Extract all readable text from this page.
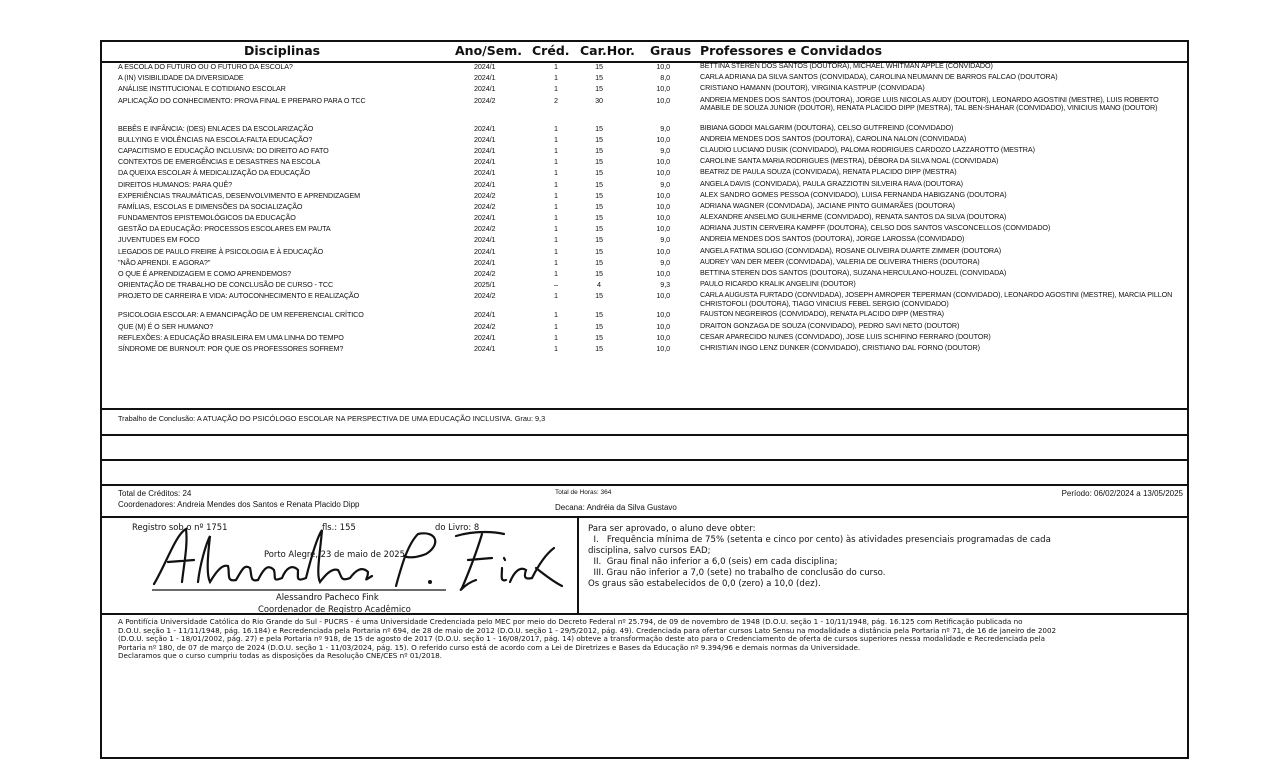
Disciplinas	Ano/Sem. Créd. Car.Hor. Graus Professores e Convidados
A ESCOLA DO FUTURO OU O FUTURO DA ESCOLA?	2024/1	1	15	10,0	BETTINA STEREN DOS SANTOS (DOUTORA), MICHAEL WHITMAN APPLE (CONVIDADO)
A (IN) VISIBILIDADE DA DIVERSIDADE	2024/1	1	15	8,0	CARLA ADRIANA DA SILVA SANTOS (CONVIDADA), CAROLINA NEUMANN DE BARROS FALCAO (DOUTORA)
ANÁLISE INSTITUCIONAL E COTIDIANO ESCOLAR	2024/1	1	15	10,0	CRISTIANO HAMANN (DOUTOR), VIRGINIA KASTPUP (CONVIDADA)
APLICAÇÃO DO CONHECIMENTO: PROVA FINAL E PREPARO PARA O TCC	2024/2	2	30	10,0	ANDREIA MENDES DOS SANTOS (DOUTORA), JORGE LUIS NICOLAS AUDY (DOUTOR), LEONARDO AGOSTINI (MESTRE), LUIS ROBERTO AMABILE DE SOUZA JUNIOR (DOUTOR), RENATA PLACIDO DIPP (MESTRA), TAL BEN-SHAHAR (CONVIDADO), VINICIUS MANO (DOUTOR)
BEBÊS E INFÂNCIA: (DES) ENLACES DA ESCOLARIZAÇÃO	2024/1	1	15	9,0	BIBIANA GODOI MALGARIM (DOUTORA), CELSO GUTFREIND (CONVIDADO)
BULLYING E VIOLÊNCIAS NA ESCOLA:FALTA EDUCAÇÃO?	2024/1	1	15	10,0	ANDREIA MENDES DOS SANTOS (DOUTORA), CAROLINA NALON (CONVIDADA)
CAPACITISMO E EDUCAÇÃO INCLUSIVA: DO DIREITO AO FATO	2024/1	1	15	9,0	CLAUDIO LUCIANO DUSIK (CONVIDADO), PALOMA RODRIGUES CARDOZO LAZZAROTTO (MESTRA)
CONTEXTOS DE EMERGÊNCIAS E DESASTRES NA ESCOLA	2024/1	1	15	10,0	CAROLINE SANTA MARIA RODRIGUES (MESTRA), DÉBORA DA SILVA NOAL (CONVIDADA)
DA QUEIXA ESCOLAR À MEDICALIZAÇÃO DA EDUCAÇÃO	2024/1	1	15	10,0	BEATRIZ DE PAULA SOUZA (CONVIDADA), RENATA PLACIDO DIPP (MESTRA)
DIREITOS HUMANOS: PARA QUÊ?	2024/1	1	15	9,0	ANGELA DAVIS (CONVIDADA), PAULA GRAZZIOTIN SILVEIRA RAVA (DOUTORA)
EXPERIÊNCIAS TRAUMÁTICAS, DESENVOLVIMENTO E APRENDIZAGEM	2024/2	1	15	10,0	ALEX SANDRO GOMES PESSOA (CONVIDADO), LUISA FERNANDA HABIGZANG (DOUTORA)
FAMÍLIAS, ESCOLAS E DIMENSÕES DA SOCIALIZAÇÃO	2024/2	1	15	10,0	ADRIANA WAGNER (CONVIDADA), JACIANE PINTO GUIMARÃES (DOUTORA)
FUNDAMENTOS EPISTEMOLÓGICOS DA EDUCAÇÃO	2024/1	1	15	10,0	ALEXANDRE ANSELMO GUILHERME (CONVIDADO), RENATA SANTOS DA SILVA (DOUTORA)
GESTÃO DA EDUCAÇÃO: PROCESSOS ESCOLARES EM PAUTA	2024/2	1	15	10,0	ADRIANA JUSTIN CERVEIRA KAMPFF (DOUTORA), CELSO DOS SANTOS VASCONCELLOS (CONVIDADO)
JUVENTUDES EM FOCO	2024/1	1	15	9,0	ANDREIA MENDES DOS SANTOS (DOUTORA), JORGE LAROSSA (CONVIDADO)
LEGADOS DE PAULO FREIRE À PSICOLOGIA E À EDUCAÇÃO	2024/1	1	15	10,0	ANGELA FATIMA SOLIGO (CONVIDADA), ROSANE OLIVEIRA DUARTE ZIMMER (DOUTORA)
"NÃO APRENDI. E AGORA?"	2024/1	1	15	9,0	AUDREY VAN DER MEER (CONVIDADA), VALERIA DE OLIVEIRA THIERS (DOUTORA)
O QUE É APRENDIZAGEM E COMO APRENDEMOS?	2024/2	1	15	10,0	BETTINA STEREN DOS SANTOS (DOUTORA), SUZANA HERCULANO-HOUZEL (CONVIDADA)
ORIENTAÇÃO DE TRABALHO DE CONCLUSÃO DE CURSO - TCC	2025/1	–	4	9,3	PAULO RICARDO KRALIK ANGELINI (DOUTOR)
PROJETO DE CARREIRA E VIDA: AUTOCONHECIMENTO E REALIZAÇÃO	2024/2	1	15	10,0	CARLA AUGUSTA FURTADO (CONVIDADA), JOSEPH AMROPER TEPERMAN (CONVIDADO), LEONARDO AGOSTINI (MESTRE), MARCIA PILLON CHRISTOFOLI (DOUTORA), TIAGO VINICIUS FEBEL SERGIO (CONVIDADO)
PSICOLOGIA ESCOLAR: A EMANCIPAÇÃO DE UM REFERENCIAL CRÍTICO	2024/1	1	15	10,0	FAUSTON NEGREIROS (CONVIDADO), RENATA PLACIDO DIPP (MESTRA)
QUE (M) É O SER HUMANO?	2024/2	1	15	10,0	DRAITON GONZAGA DE SOUZA (CONVIDADO), PEDRO SAVI NETO (DOUTOR)
REFLEXÕES: A EDUCAÇÃO BRASILEIRA EM UMA LINHA DO TEMPO	2024/1	1	15	10,0	CESAR APARECIDO NUNES (CONVIDADO), JOSE LUIS SCHIFINO FERRARO (DOUTOR)
SÍNDROME DE BURNOUT: POR QUE OS PROFESSORES SOFREM?	2024/1	1	15	10,0	CHRISTIAN INGO LENZ DUNKER (CONVIDADO), CRISTIANO DAL FORNO (DOUTOR)
Trabalho de Conclusão: A ATUAÇÃO DO PSICÓLOGO ESCOLAR NA PERSPECTIVA DE UMA EDUCAÇÃO INCLUSIVA. Grau: 9,3
Total de Créditos: 24
Coordenadores: Andreia Mendes dos Santos e Renata Placido Dipp
Total de Horas: 364
Decana: Andréia da Silva Gustavo
Período: 06/02/2024 a 13/05/2025
Registro sob o nº 1751	fls.: 155	do Livro: 8
Porto Alegre, 23 de maio de 2025
Alessandro Pacheco Fink
Coordenador de Registro Acadêmico
Para ser aprovado, o aluno deve obter:
I.   Frequência mínima de 75% (setenta e cinco por cento) às atividades presenciais programadas de cada
disciplina, salvo cursos EAD;
II.  Grau final não inferior a 6,0 (seis) em cada disciplina;
III. Grau não inferior a 7,0 (sete) no trabalho de conclusão do curso.
Os graus são estabelecidos de 0,0 (zero) a 10,0 (dez).
A Pontifícia Universidade Católica do Rio Grande do Sul - PUCRS - é uma Universidade Credenciada pelo MEC por meio do Decreto Federal nº 25.794, de 09 de novembro de 1948 (D.O.U. seção 1 - 10/11/1948, pág. 16.125 com Retificação publicada no
D.O.U. seção 1 - 11/11/1948, pág. 16.184) e Recredenciada pela Portaria nº 694, de 28 de maio de 2012 (D.O.U. seção 1 - 29/5/2012, pág. 49). Credenciada para ofertar cursos Lato Sensu na modalidade a distância pela Portaria nº 71, de 16 de janeiro de 2002
(D.O.U. seção 1 - 18/01/2002, pág. 27) e pela Portaria nº 918, de 15 de agosto de 2017 (D.O.U. seção 1 - 16/08/2017, pág. 14) obteve a transformação deste ato para o Credenciamento de oferta de cursos superiores nessa modalidade e Recredenciada pela
Portaria nº 180, de 07 de março de 2024 (D.O.U. seção 1 - 11/03/2024, pág. 15). O referido curso está de acordo com a Lei de Diretrizes e Bases da Educação nº 9.394/96 e demais normas da Universidade.
Declaramos que o curso cumpriu todas as disposições da Resolução CNE/CES nº 01/2018.
